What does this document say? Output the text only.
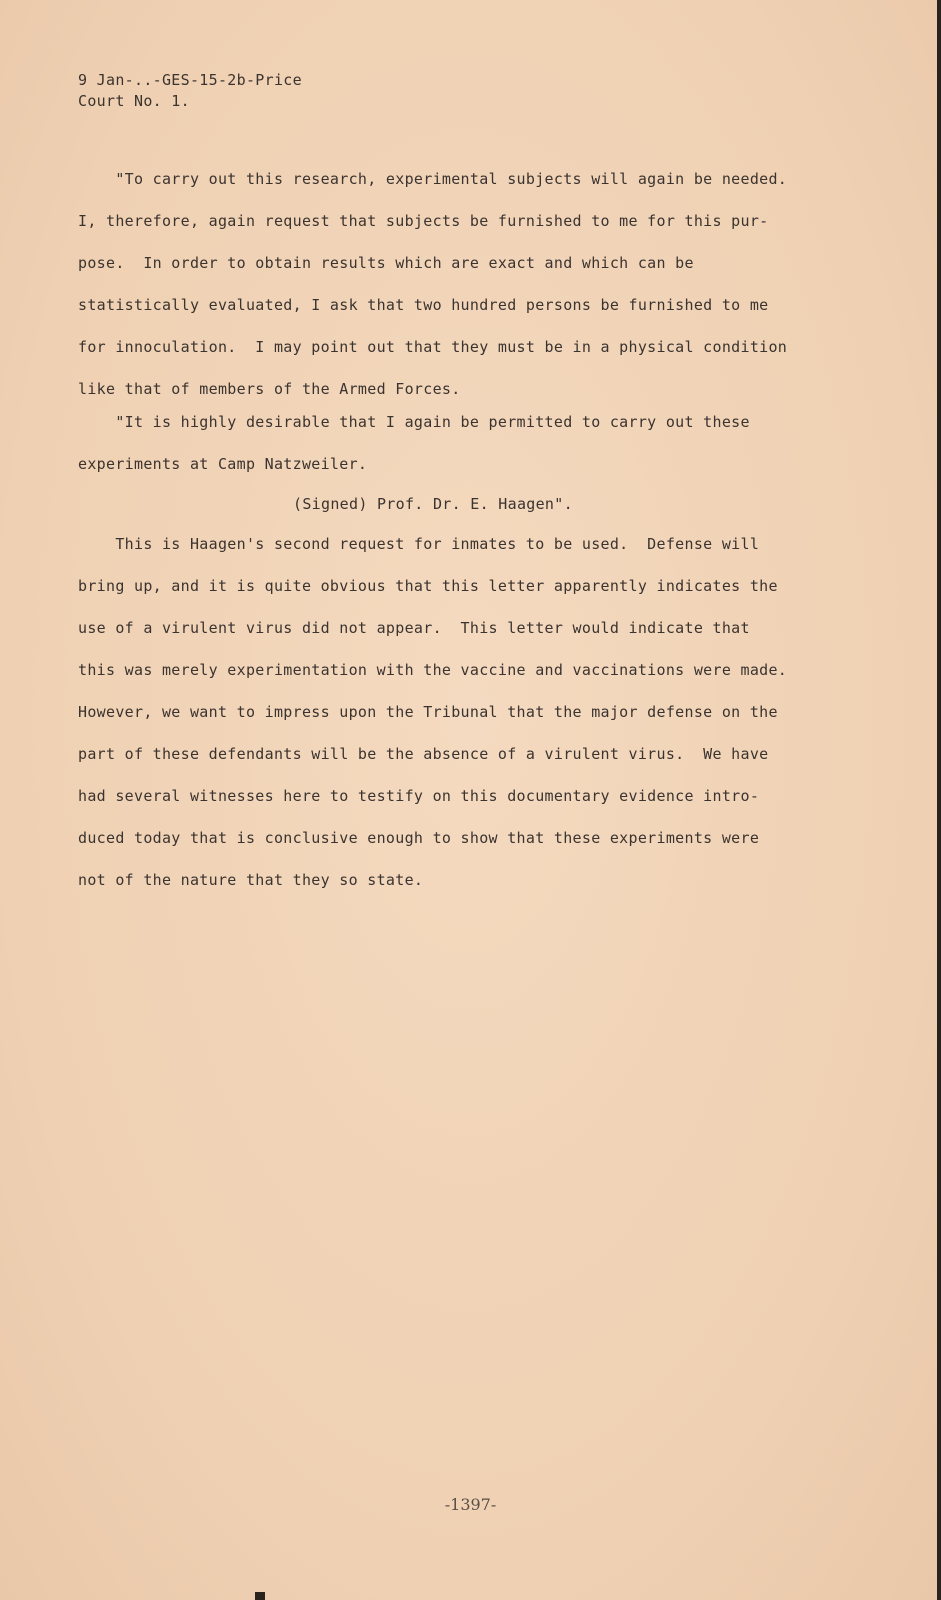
9 Jan-..-GES-15-2b-Price
Court No. 1.
"To carry out this research, experimental subjects will again be needed.
I, therefore, again request that subjects be furnished to me for this pur-
pose.  In order to obtain results which are exact and which can be
statistically evaluated, I ask that two hundred persons be furnished to me
for innoculation.  I may point out that they must be in a physical condition
like that of members of the Armed Forces.
"It is highly desirable that I again be permitted to carry out these
experiments at Camp Natzweiler.
(Signed) Prof. Dr. E. Haagen".
This is Haagen's second request for inmates to be used.  Defense will
bring up, and it is quite obvious that this letter apparently indicates the
use of a virulent virus did not appear.  This letter would indicate that
this was merely experimentation with the vaccine and vaccinations were made.
However, we want to impress upon the Tribunal that the major defense on the
part of these defendants will be the absence of a virulent virus.  We have
had several witnesses here to testify on this documentary evidence intro-
duced today that is conclusive enough to show that these experiments were
not of the nature that they so state.
-1397-
